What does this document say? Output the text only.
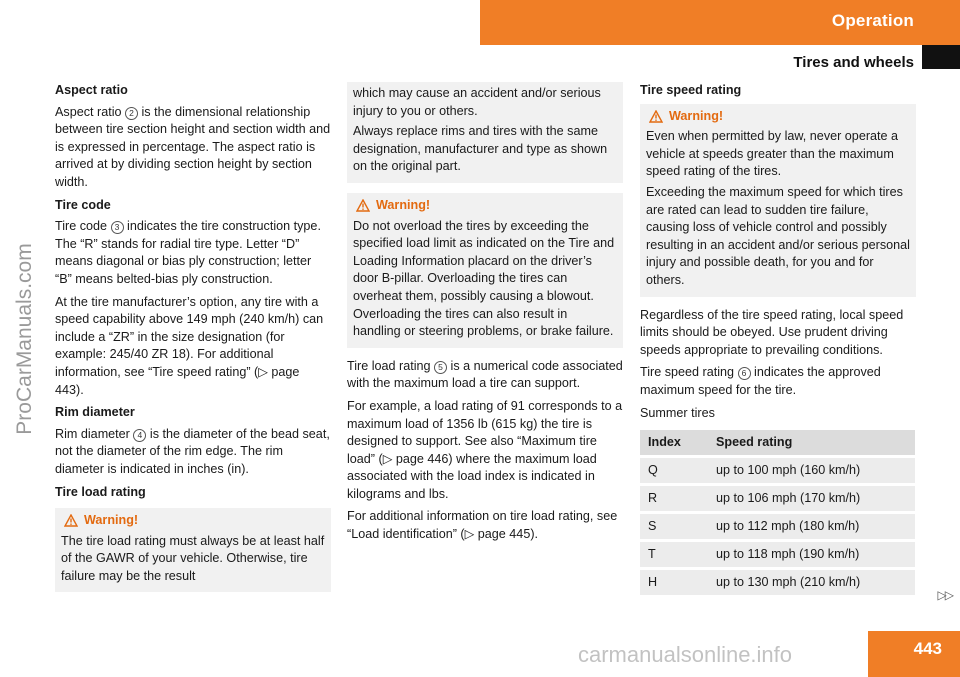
Operation
Tires and wheels
ProCarManuals.com
Aspect ratio

Aspect ratio 2 is the dimensional relationship between tire section height and section width and is expressed in percentage. The aspect ratio is arrived at by dividing section height by section width.

Tire code

Tire code 3 indicates the tire construction type. The “R” stands for radial tire type. Letter “D” means diagonal or bias ply construction; letter “B” means belted-bias ply construction.

At the tire manufacturer’s option, any tire with a speed capability above 149 mph (240 km/h) can include a “ZR” in the size designation (for example: 245/40 ZR 18). For additional information, see “Tire speed rating” (▷ page 443).

Rim diameter

Rim diameter 4 is the diameter of the bead seat, not the diameter of the rim edge. The rim diameter is indicated in inches (in).

Tire load rating
Warning!

The tire load rating must always be at least half of the GAWR of your vehicle. Otherwise, tire failure may be the result

which may cause an accident and/or serious injury to you or others.

Always replace rims and tires with the same designation, manufacturer and type as shown on the original part.

Warning!

Do not overload the tires by exceeding the specified load limit as indicated on the Tire and Loading Information placard on the driver’s door B-pillar. Overloading the tires can overheat them, possibly causing a blowout. Overloading the tires can also result in handling or steering problems, or brake failure.

Tire load rating 5 is a numerical code associated with the maximum load a tire can support.

For example, a load rating of 91 corresponds to a maximum load of 1356 lb (615 kg) the tire is designed to support. See also “Maximum tire load” (▷ page 446) where the maximum load associated with the load index is indicated in kilograms and lbs.

For additional information on tire load rating, see “Load identification” (▷ page 445).

Tire speed rating
Warning!

Even when permitted by law, never operate a vehicle at speeds greater than the maximum speed rating of the tires.

Exceeding the maximum speed for which tires are rated can lead to sudden tire failure, causing loss of vehicle control and possibly resulting in an accident and/or serious personal injury and possible death, for you and for others.

Regardless of the tire speed rating, local speed limits should be obeyed. Use prudent driving speeds appropriate to prevailing conditions.

Tire speed rating 6 indicates the approved maximum speed for the tire.

Summer tires

Index	Speed rating
Q	up to 100 mph (160 km/h)
R	up to 106 mph (170 km/h)
S	up to 112 mph (180 km/h)
T	up to 118 mph (190 km/h)
H	up to 130 mph (210 km/h)
▷▷
443
carmanualsonline.info
